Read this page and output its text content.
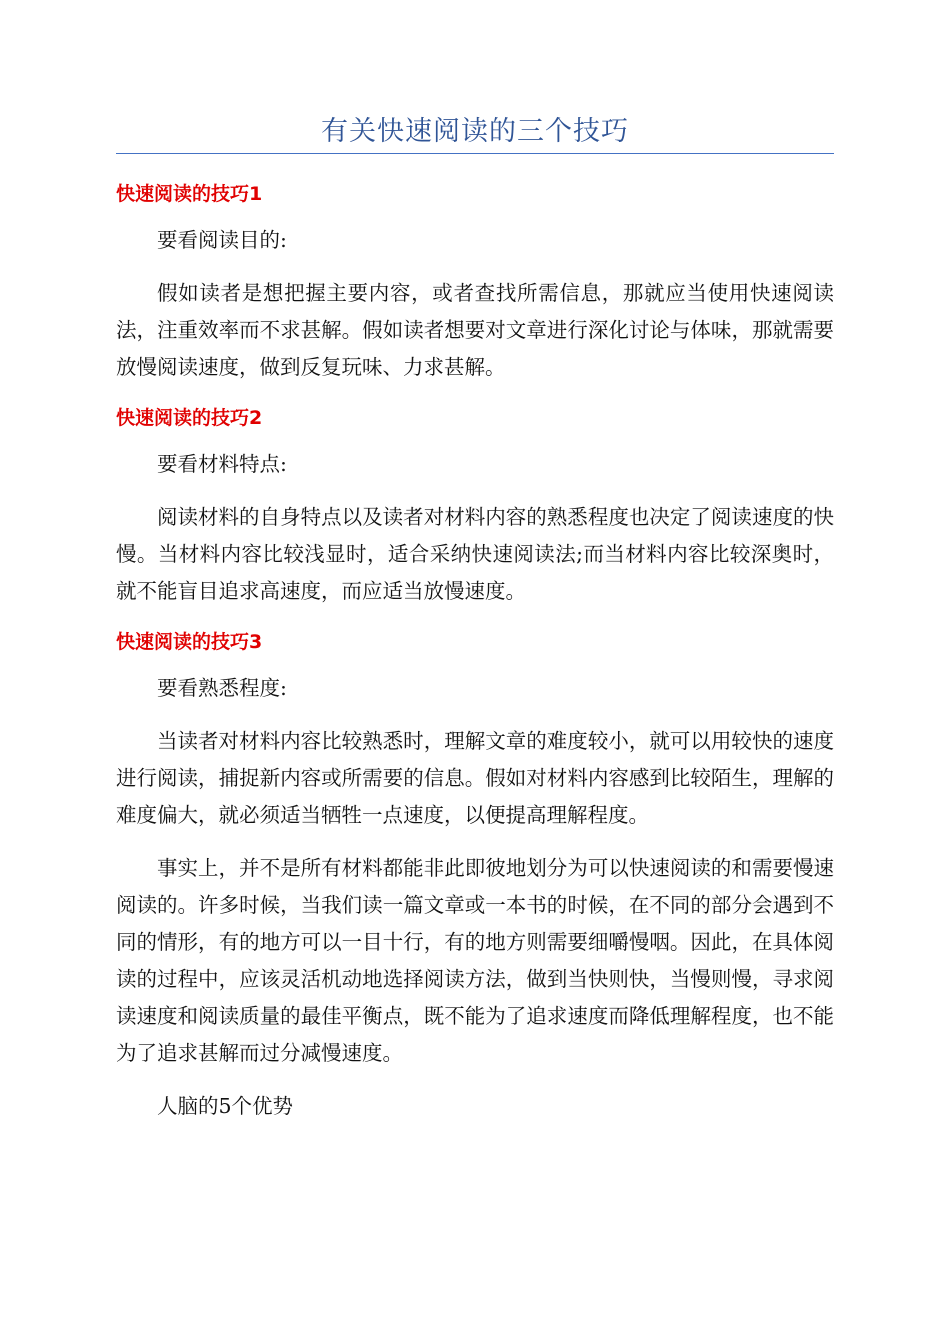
有关快速阅读的三个技巧

快速阅读的技巧1

要看阅读目的:

假如读者是想把握主要内容，或者查找所需信息，那就应当使用快速阅读法，注重效率而不求甚解。假如读者想要对文章进行深化讨论与体味，那就需要放慢阅读速度，做到反复玩味、力求甚解。

快速阅读的技巧2

要看材料特点:

阅读材料的自身特点以及读者对材料内容的熟悉程度也决定了阅读速度的快慢。当材料内容比较浅显时，适合采纳快速阅读法;而当材料内容比较深奥时，就不能盲目追求高速度，而应适当放慢速度。

快速阅读的技巧3

要看熟悉程度:

当读者对材料内容比较熟悉时，理解文章的难度较小，就可以用较快的速度进行阅读，捕捉新内容或所需要的信息。假如对材料内容感到比较陌生，理解的难度偏大，就必须适当牺牲一点速度，以便提高理解程度。

事实上，并不是所有材料都能非此即彼地划分为可以快速阅读的和需要慢速阅读的。许多时候，当我们读一篇文章或一本书的时候，在不同的部分会遇到不同的情形，有的地方可以一目十行，有的地方则需要细嚼慢咽。因此，在具体阅读的过程中，应该灵活机动地选择阅读方法，做到当快则快，当慢则慢，寻求阅读速度和阅读质量的最佳平衡点，既不能为了追求速度而降低理解程度，也不能为了追求甚解而过分减慢速度。

人脑的5个优势
